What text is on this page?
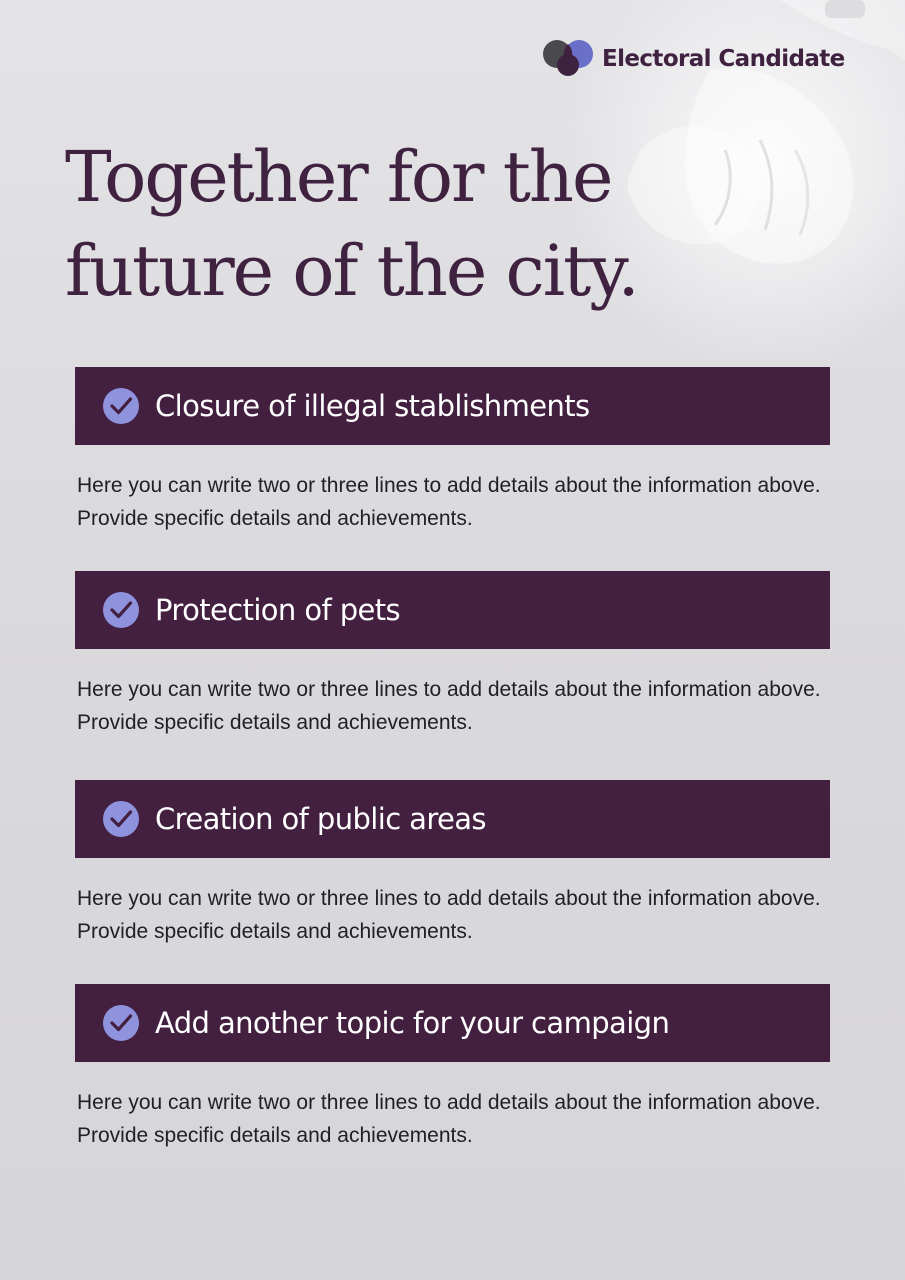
Electoral Candidate
Together for the
future of the city.
Closure of illegal stablishments

Here you can write two or three lines to add details about the information above. Provide specific details and achievements.

Protection of pets

Here you can write two or three lines to add details about the information above. Provide specific details and achievements.

Creation of public areas

Here you can write two or three lines to add details about the information above. Provide specific details and achievements.

Add another topic for your campaign

Here you can write two or three lines to add details about the information above. Provide specific details and achievements.
